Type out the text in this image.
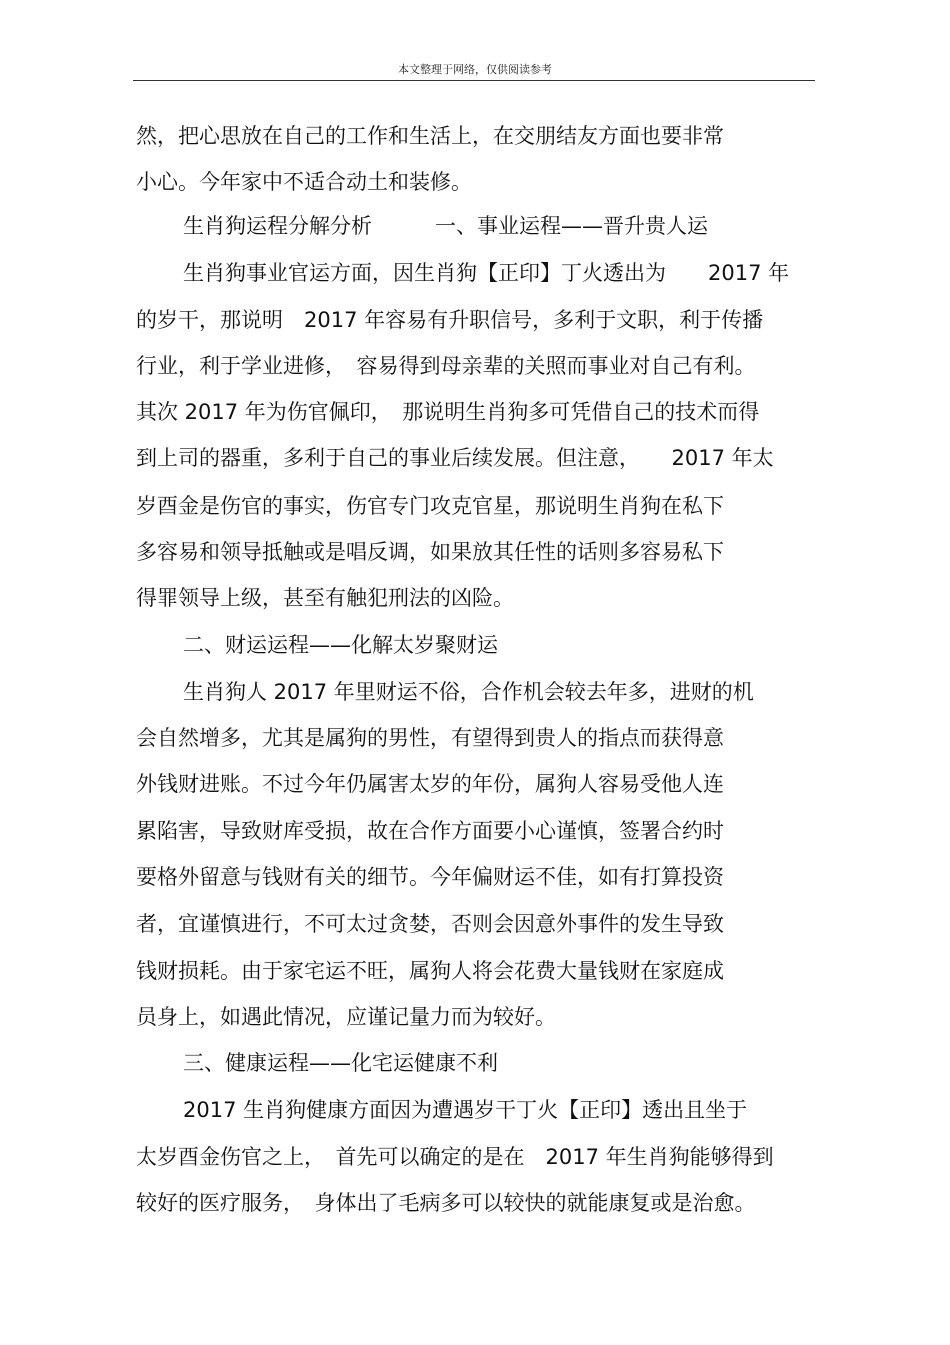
本文整理于网络，仅供阅读参考
然，把心思放在自己的工作和生活上，在交朋结友方面也要非常
小心。今年家中不适合动土和装修。
生肖狗运程分解分析　　　一、事业运程——晋升贵人运
生肖狗事业官运方面，因生肖狗【正印】丁火透出为　　2017 年
的岁干，那说明　2017 年容易有升职信号，多利于文职，利于传播
行业，利于学业进修，　容易得到母亲辈的关照而事业对自己有利。
其次 2017 年为伤官佩印，　那说明生肖狗多可凭借自己的技术而得
到上司的器重，多利于自己的事业后续发展。但注意，　　2017 年太
岁酉金是伤官的事实，伤官专门攻克官星，那说明生肖狗在私下
多容易和领导抵触或是唱反调，如果放其任性的话则多容易私下
得罪领导上级，甚至有触犯刑法的凶险。
二、财运运程——化解太岁聚财运
生肖狗人 2017 年里财运不俗，合作机会较去年多，进财的机
会自然增多，尤其是属狗的男性，有望得到贵人的指点而获得意
外钱财进账。不过今年仍属害太岁的年份，属狗人容易受他人连
累陷害，导致财库受损，故在合作方面要小心谨慎，签署合约时
要格外留意与钱财有关的细节。今年偏财运不佳，如有打算投资
者，宜谨慎进行，不可太过贪婪，否则会因意外事件的发生导致
钱财损耗。由于家宅运不旺，属狗人将会花费大量钱财在家庭成
员身上，如遇此情况，应谨记量力而为较好。
三、健康运程——化宅运健康不利
2017 生肖狗健康方面因为遭遇岁干丁火【正印】透出且坐于
太岁酉金伤官之上，　首先可以确定的是在　2017 年生肖狗能够得到
较好的医疗服务，　身体出了毛病多可以较快的就能康复或是治愈。
